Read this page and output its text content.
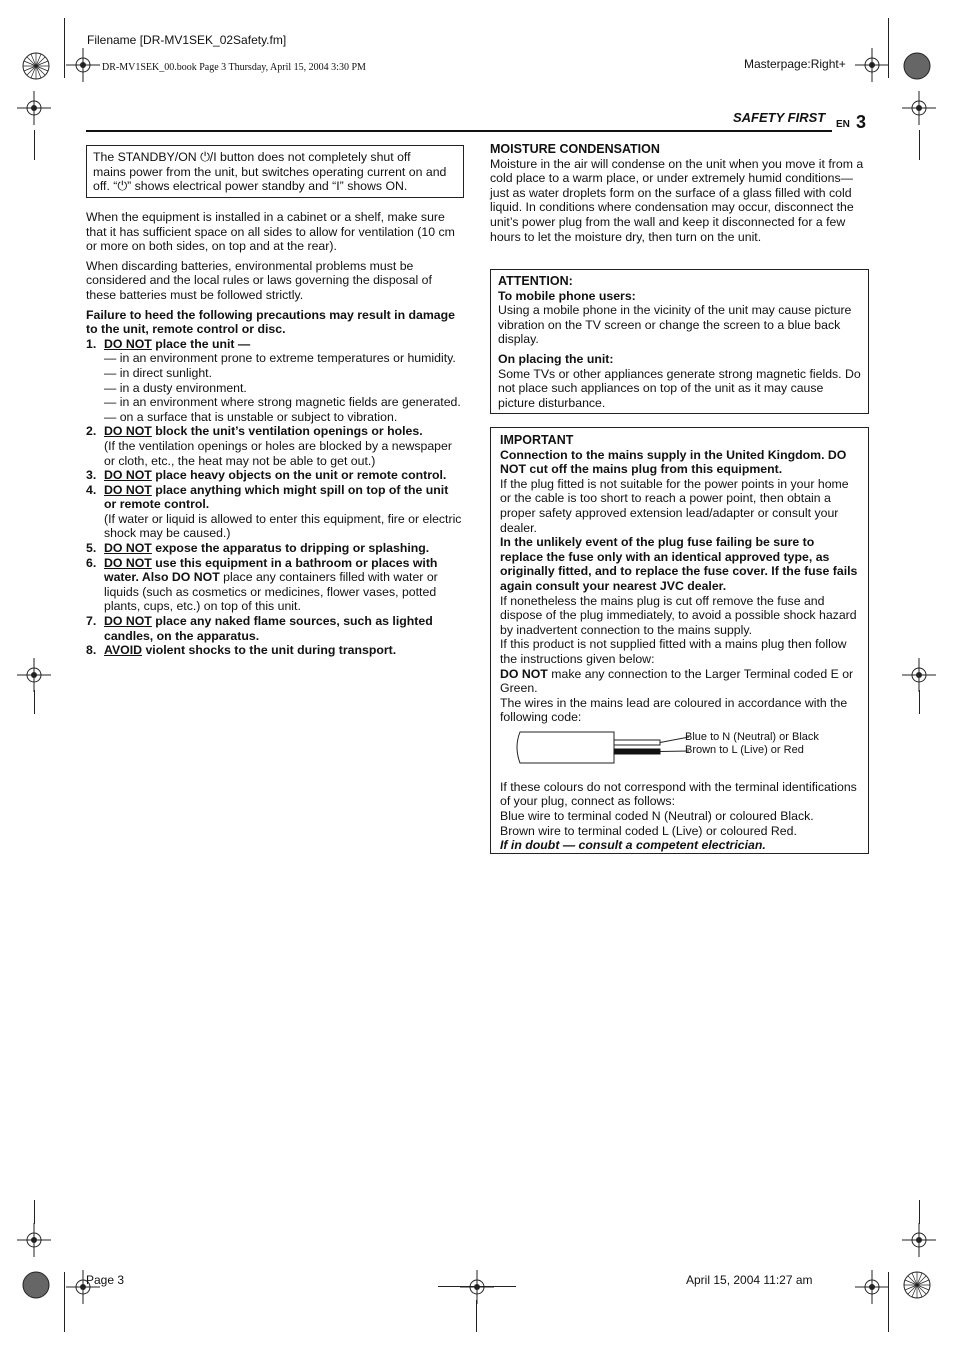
Filename [DR-MV1SEK_02Safety.fm]
DR-MV1SEK_00.book Page 3 Thursday, April 15, 2004 3:30 PM	Masterpage:Right+
SAFETY FIRST EN 3
The STANDBY/ON ⏻/I button does not completely shut off
mains power from the unit, but switches operating current on and
off. “⏻” shows electrical power standby and “I” shows ON.

When the equipment is installed in a cabinet or a shelf, make sure that it has sufficient space on all sides to allow for ventilation (10 cm or more on both sides, on top and at the rear).

When discarding batteries, environmental problems must be considered and the local rules or laws governing the disposal of these batteries must be followed strictly.

Failure to heed the following precautions may result in damage to the unit, remote control or disc.

1. DO NOT place the unit —
— in an environment prone to extreme temperatures or humidity.
— in direct sunlight.
— in a dusty environment.
— in an environment where strong magnetic fields are generated.
— on a surface that is unstable or subject to vibration.
2. DO NOT block the unit’s ventilation openings or holes.
(If the ventilation openings or holes are blocked by a newspaper or cloth, etc., the heat may not be able to get out.)
3. DO NOT place heavy objects on the unit or remote control.
4. DO NOT place anything which might spill on top of the unit or remote control.
(If water or liquid is allowed to enter this equipment, fire or electric shock may be caused.)
5. DO NOT expose the apparatus to dripping or splashing.
6. DO NOT use this equipment in a bathroom or places with water. Also DO NOT place any containers filled with water or liquids (such as cosmetics or medicines, flower vases, potted plants, cups, etc.) on top of this unit.
7. DO NOT place any naked flame sources, such as lighted candles, on the apparatus.
8. AVOID violent shocks to the unit during transport.
MOISTURE CONDENSATION

Moisture in the air will condense on the unit when you move it from a cold place to a warm place, or under extremely humid conditions—just as water droplets form on the surface of a glass filled with cold liquid. In conditions where condensation may occur, disconnect the unit’s power plug from the wall and keep it disconnected for a few hours to let the moisture dry, then turn on the unit.

ATTENTION:
To mobile phone users:

Using a mobile phone in the vicinity of the unit may cause picture vibration on the TV screen or change the screen to a blue back display.

On placing the unit:

Some TVs or other appliances generate strong magnetic fields. Do not place such appliances on top of the unit as it may cause picture disturbance.

IMPORTANT

Connection to the mains supply in the United Kingdom. DO NOT cut off the mains plug from this equipment.

If the plug fitted is not suitable for the power points in your home or the cable is too short to reach a power point, then obtain a proper safety approved extension lead/adapter or consult your dealer.

In the unlikely event of the plug fuse failing be sure to replace the fuse only with an identical approved type, as originally fitted, and to replace the fuse cover. If the fuse fails again consult your nearest JVC dealer.

If nonetheless the mains plug is cut off remove the fuse and dispose of the plug immediately, to avoid a possible shock hazard by inadvertent connection to the mains supply.

If this product is not supplied fitted with a mains plug then follow the instructions given below:

DO NOT make any connection to the Larger Terminal coded E or Green.

The wires in the mains lead are coloured in accordance with the following code:

Blue to N (Neutral) or Black
Brown to L (Live) or Red

If these colours do not correspond with the terminal identifications of your plug, connect as follows:

Blue wire to terminal coded N (Neutral) or coloured Black.

Brown wire to terminal coded L (Live) or coloured Red.

If in doubt — consult a competent electrician.

Page 3	April 15, 2004 11:27 am
